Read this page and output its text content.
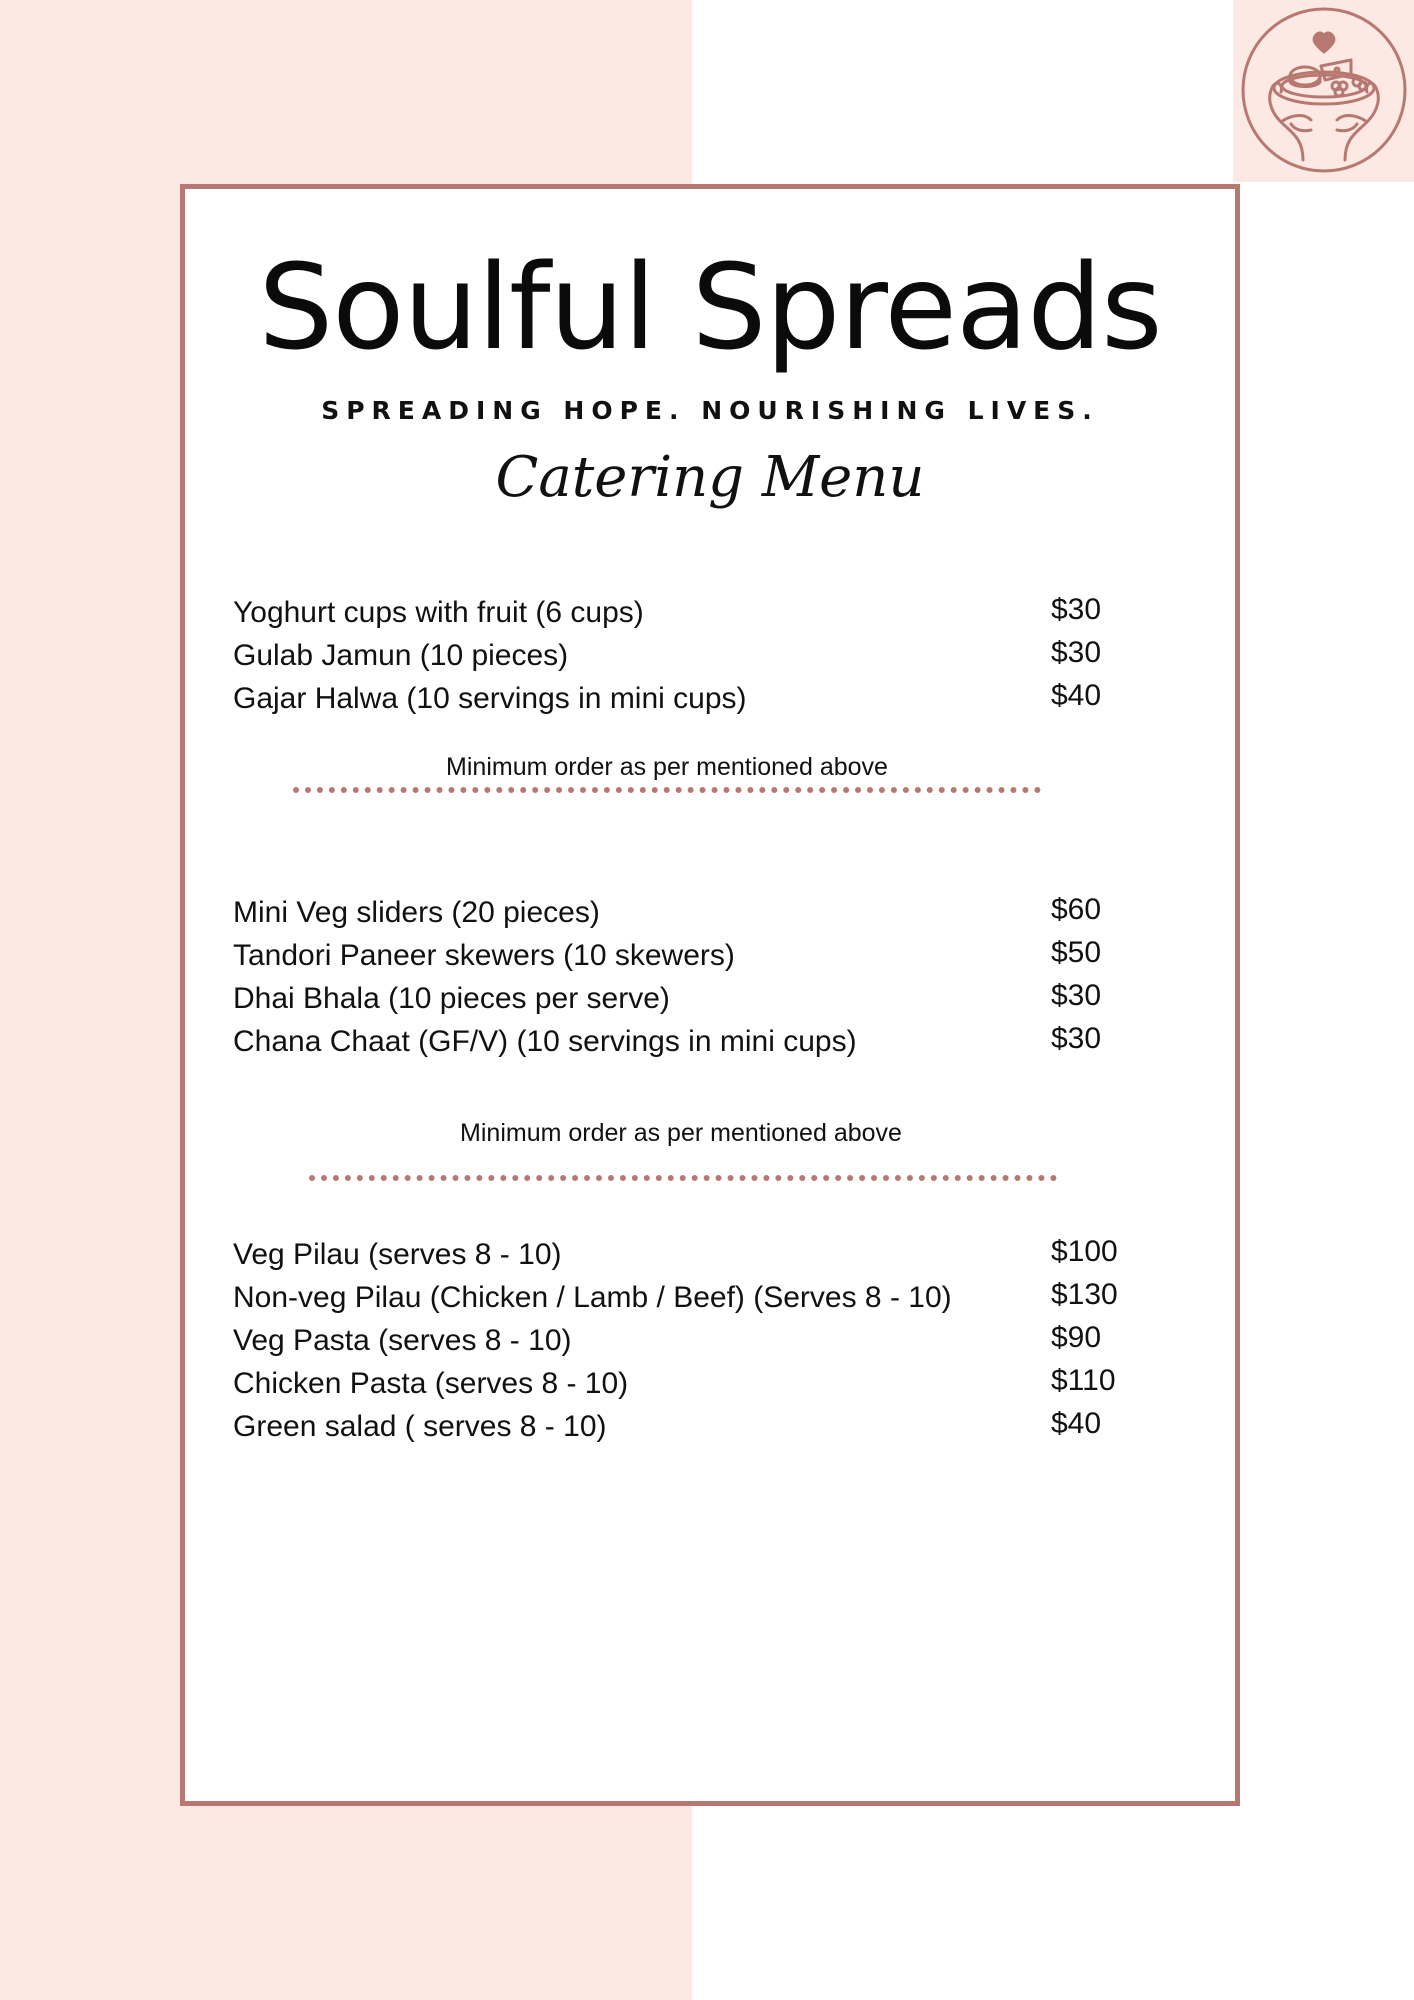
Soulful Spreads
SPREADING HOPE. NOURISHING LIVES.
Catering Menu
Yoghurt cups with fruit (6 cups)	$30
Gulab Jamun (10 pieces)	$30
Gajar Halwa (10 servings in mini cups)	$40
Minimum order as per mentioned above
Mini Veg sliders (20 pieces)	$60
Tandori Paneer skewers (10 skewers)	$50
Dhai Bhala (10 pieces per serve)	$30
Chana Chaat (GF/V) (10 servings in mini cups)	$30
Minimum order as per mentioned above
Veg Pilau (serves 8 - 10)	$100
Non-veg Pilau (Chicken / Lamb / Beef) (Serves 8 - 10)	$130
Veg Pasta (serves 8 - 10)	$90
Chicken Pasta (serves 8 - 10)	$110
Green salad ( serves 8 - 10)	$40
